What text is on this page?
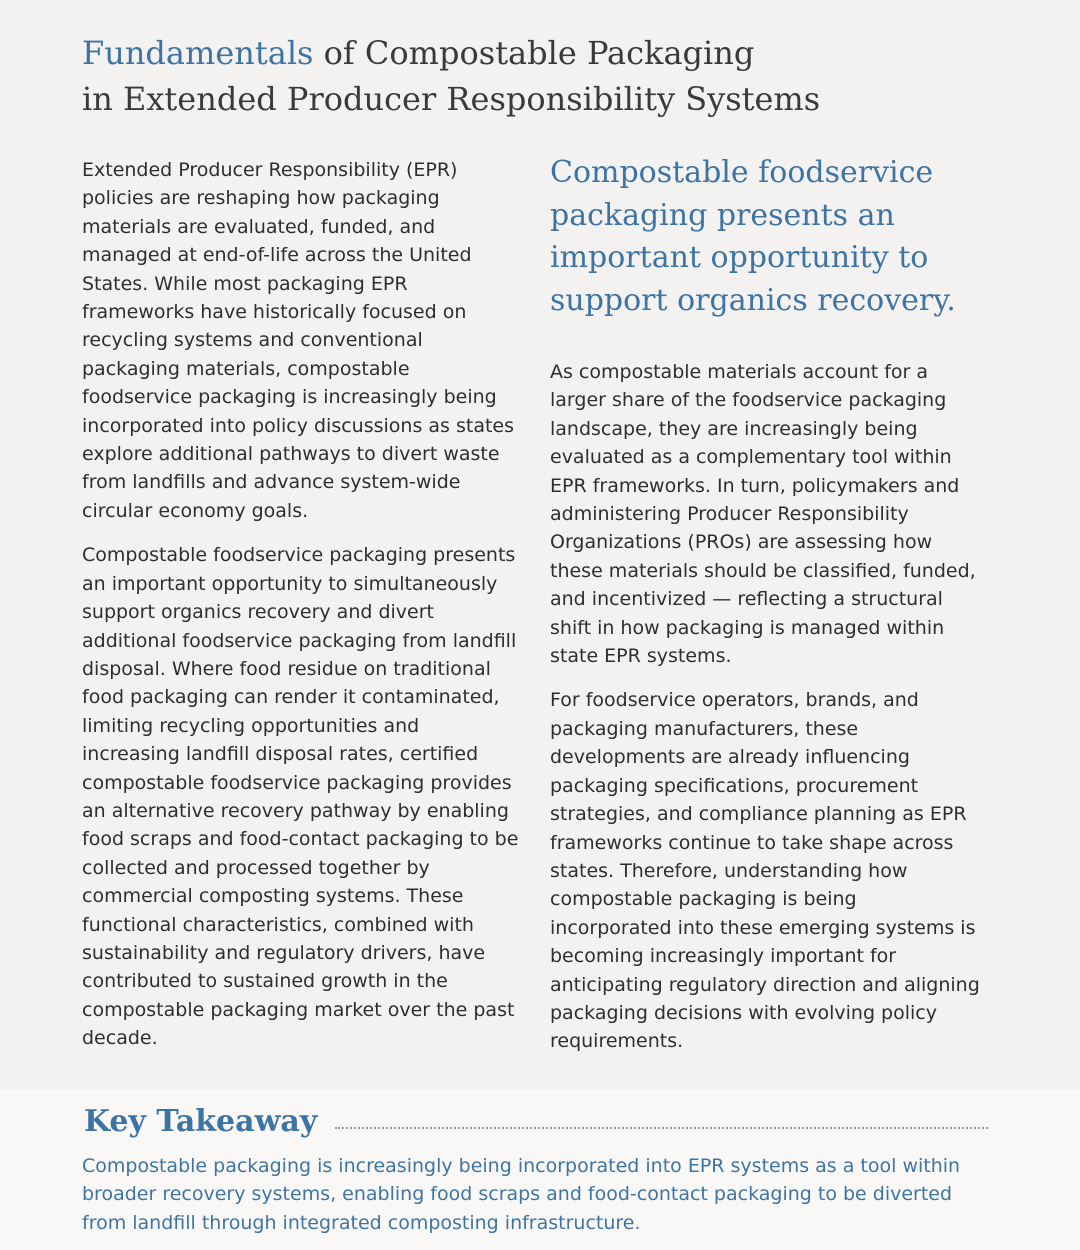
Fundamentals of Compostable Packaging
in Extended Producer Responsibility Systems

Extended Producer Responsibility (EPR) policies are reshaping how packaging materials are evaluated, funded, and managed at end-of-life across the United States. While most packaging EPR frameworks have historically focused on recycling systems and conventional packaging materials, compostable foodservice packaging is increasingly being incorporated into policy discussions as states explore additional pathways to divert waste from landfills and advance system-wide circular economy goals.

Compostable foodservice packaging presents an important opportunity to simultaneously support organics recovery and divert additional foodservice packaging from landfill disposal. Where food residue on traditional food packaging can render it contaminated, limiting recycling opportunities and increasing landfill disposal rates, certified compostable foodservice packaging provides an alternative recovery pathway by enabling food scraps and food-contact packaging to be collected and processed together by commercial composting systems. These functional characteristics, combined with sustainability and regulatory drivers, have contributed to sustained growth in the compostable packaging market over the past decade.

Compostable foodservice packaging presents an important opportunity to support organics recovery.

As compostable materials account for a larger share of the foodservice packaging landscape, they are increasingly being evaluated as a complementary tool within EPR frameworks. In turn, policymakers and administering Producer Responsibility Organizations (PROs) are assessing how these materials should be classified, funded, and incentivized — reflecting a structural shift in how packaging is managed within state EPR systems.

For foodservice operators, brands, and packaging manufacturers, these developments are already influencing packaging specifications, procurement strategies, and compliance planning as EPR frameworks continue to take shape across states. Therefore, understanding how compostable packaging is being incorporated into these emerging systems is becoming increasingly important for anticipating regulatory direction and aligning packaging decisions with evolving policy requirements.

Key Takeaway

Compostable packaging is increasingly being incorporated into EPR systems as a tool within broader recovery systems, enabling food scraps and food-contact packaging to be diverted from landfill through integrated composting infrastructure.
